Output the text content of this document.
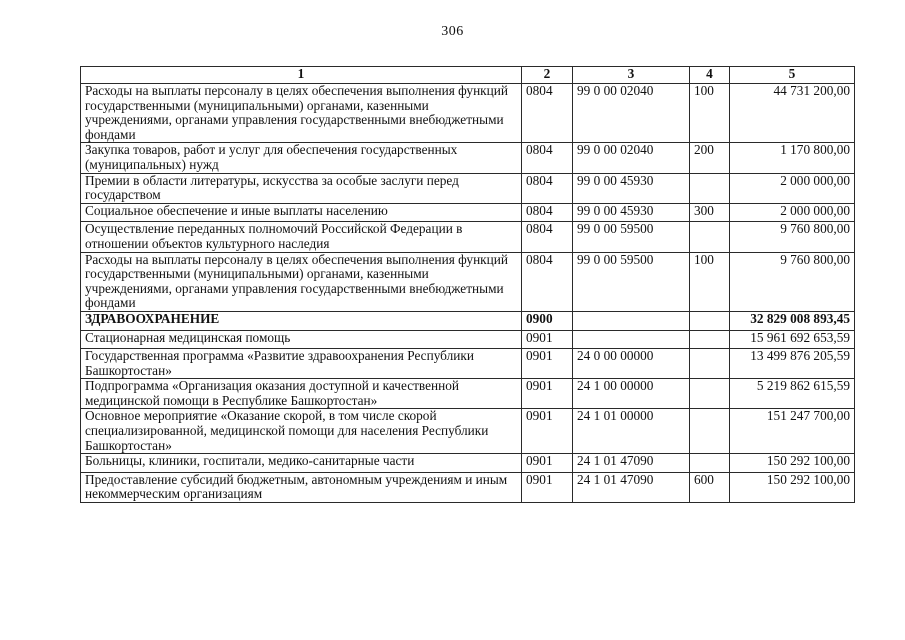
306
1	2	3	4	5
Расходы на выплаты персоналу в целях обеспечения выполнения функций государственными (муниципальными) органами, казенными учреждениями, органами управления государственными внебюджетными фондами	0804	99 0 00 02040	100	44 731 200,00
Закупка товаров, работ и услуг для обеспечения государственных (муниципальных) нужд	0804	99 0 00 02040	200	1 170 800,00
Премии в области литературы, искусства за особые заслуги перед государством	0804	99 0 00 45930		2 000 000,00
Социальное обеспечение и иные выплаты населению	0804	99 0 00 45930	300	2 000 000,00
Осуществление переданных полномочий Российской Федерации в отношении объектов культурного наследия	0804	99 0 00 59500		9 760 800,00
Расходы на выплаты персоналу в целях обеспечения выполнения функций государственными (муниципальными) органами, казенными учреждениями, органами управления государственными внебюджетными фондами	0804	99 0 00 59500	100	9 760 800,00
ЗДРАВООХРАНЕНИЕ	0900			32 829 008 893,45
Стационарная медицинская помощь	0901			15 961 692 653,59
Государственная программа «Развитие здравоохранения Республики Башкортостан»	0901	24 0 00 00000		13 499 876 205,59
Подпрограмма «Организация оказания доступной и качественной медицинской помощи в Республике Башкортостан»	0901	24 1 00 00000		5 219 862 615,59
Основное мероприятие «Оказание скорой, в том числе скорой специализированной, медицинской помощи для населения Республики Башкортостан»	0901	24 1 01 00000		151 247 700,00
Больницы, клиники, госпитали, медико-санитарные части	0901	24 1 01 47090		150 292 100,00
Предоставление субсидий бюджетным, автономным учреждениям и иным некоммерческим организациям	0901	24 1 01 47090	600	150 292 100,00
